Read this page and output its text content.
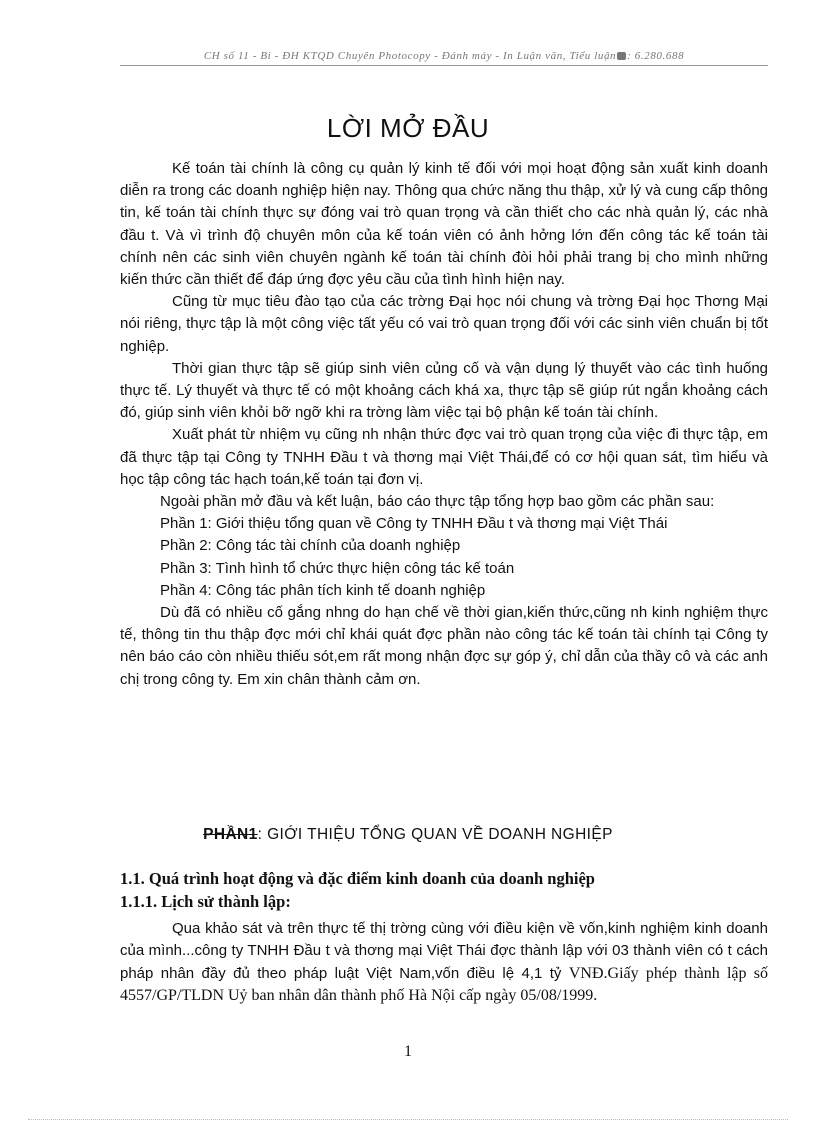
CH số 11 - Bi - ĐH KTQD Chuyên Photocopy - Đánh máy - In Luận văn, Tiểu luận : 6.280.688
LỜI MỞ ĐẦU

Kế toán tài chính là công cụ quản lý kinh tế đối với mọi hoạt động sản xuất kinh doanh diễn ra trong các doanh nghiệp hiện nay. Thông qua chức năng thu thập, xử lý và cung cấp thông tin, kế toán tài chính thực sự đóng vai trò quan trọng và cần thiết cho các nhà quản lý, các nhà đầu t. Và vì trình độ chuyên môn của kế toán viên có ảnh hởng lớn đến công tác kế toán tài chính nên các sinh viên chuyên ngành kế toán tài chính đòi hỏi phải trang bị cho mình những kiến thức cần thiết để đáp ứng đợc yêu cầu của tình hình hiện nay.

Cũng từ mục tiêu đào tạo của các trờng Đại học nói chung và trờng Đại học Thơng Mại nói riêng, thực tập là một công việc tất yếu có vai trò quan trọng đối với các sinh viên chuẩn bị tốt nghiệp.

Thời gian thực tập sẽ giúp sinh viên củng cố và vận dụng lý thuyết vào các tình huống thực tế. Lý thuyết và thực tế có một khoảng cách khá xa, thực tập sẽ giúp rút ngắn khoảng cách đó, giúp sinh viên khỏi bỡ ngỡ khi ra trờng làm việc tại bộ phận kế toán tài chính.

Xuất phát từ nhiệm vụ cũng nh nhận thức đợc vai trò quan trọng của việc đi thực tập, em đã thực tập tại Công ty TNHH Đầu t và thơng mại Việt Thái,để có cơ hội quan sát, tìm hiểu và học tập công tác hạch toán,kế toán tại đơn vị.

Ngoài phần mở đầu và kết luận, báo cáo thực tập tổng hợp bao gồm các phần sau:

Phần 1: Giới thiệu tổng quan về Công ty TNHH Đầu t và thơng mại Việt Thái

Phần 2: Công tác tài chính của doanh nghiệp

Phần 3: Tình hình tổ chức thực hiện công tác kế toán

Phần 4: Công tác phân tích kinh tế doanh nghiệp

Dù đã có nhiều cố gắng nhng do hạn chế về thời gian,kiến thức,cũng nh kinh nghiệm thực tế, thông tin thu thập đợc mới chỉ khái quát đợc phần nào công tác kế toán tài chính tại Công ty nên báo cáo còn nhiều thiếu sót,em rất mong nhận đợc sự góp ý, chỉ dẫn của thầy cô và các anh chị trong công ty. Em xin chân thành cảm ơn.

PHẦN1: GIỚI THIỆU TỔNG QUAN VỀ DOANH NGHIỆP
1.1. Quá trình hoạt động và đặc điểm kinh doanh của doanh nghiệp
1.1.1. Lịch sử thành lập:

Qua khảo sát và trên thực tế thị trờng cùng với điều kiện về vốn,kinh nghiệm kinh doanh của mình...công ty TNHH Đầu t và thơng mại Việt Thái đợc thành lập với 03 thành viên có t cách pháp nhân đầy đủ theo pháp luật Việt Nam,vốn điều lệ 4,1 tỷ VNĐ.Giấy phép thành lập số 4557/GP/TLDN Uỷ ban nhân dân thành phố Hà Nội cấp ngày 05/08/1999.

1
